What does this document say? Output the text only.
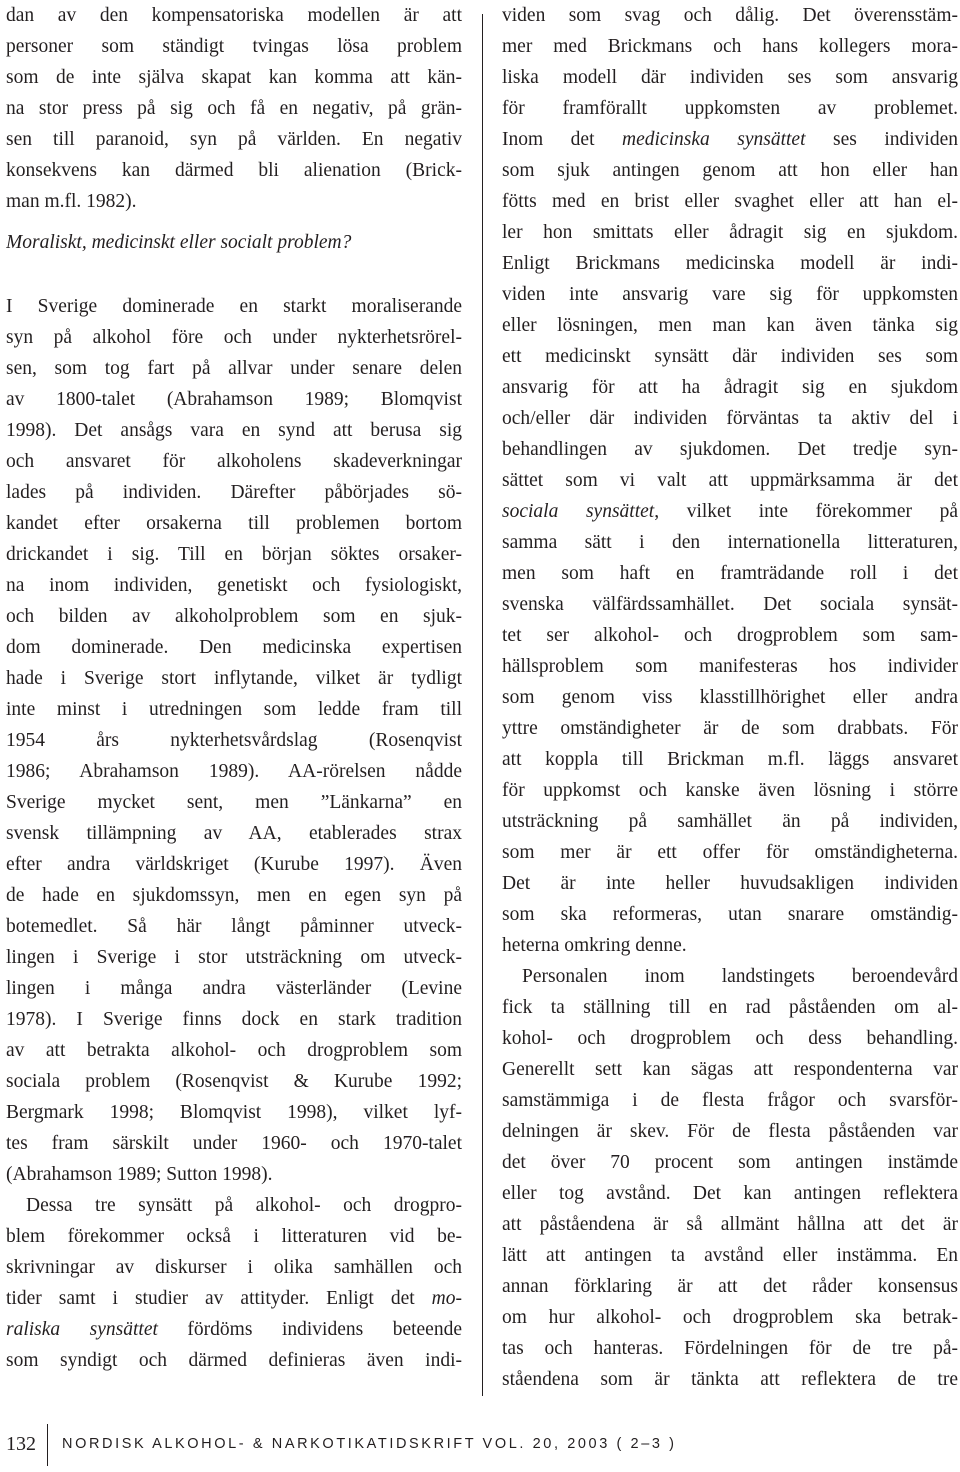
dan av den kompensatoriska modellen är att
personer som ständigt tvingas lösa problem
som de inte själva skapat kan komma att kän-
na stor press på sig och få en negativ, på grän-
sen till paranoid, syn på världen. En negativ
konsekvens kan därmed bli alienation (Brick-
man m.fl. 1982).
Moraliskt, medicinskt eller socialt problem?
I Sverige dominerade en starkt moraliserande
syn på alkohol före och under nykterhetsrörel-
sen, som tog fart på allvar under senare delen
av 1800-talet (Abrahamson 1989; Blomqvist
1998). Det ansågs vara en synd att berusa sig
och ansvaret för alkoholens skadeverkningar
lades på individen. Därefter påbörjades sö-
kandet efter orsakerna till problemen bortom
drickandet i sig. Till en början söktes orsaker-
na inom individen, genetiskt och fysiologiskt,
och bilden av alkoholproblem som en sjuk-
dom dominerade. Den medicinska expertisen
hade i Sverige stort inflytande, vilket är tydligt
inte minst i utredningen som ledde fram till
1954 års nykterhetsvårdslag (Rosenqvist
1986; Abrahamson 1989). AA-rörelsen nådde
Sverige mycket sent, men ”Länkarna” en
svensk tillämpning av AA, etablerades strax
efter andra världskriget (Kurube 1997). Även
de hade en sjukdomssyn, men en egen syn på
botemedlet. Så här långt påminner utveck-
lingen i Sverige i stor utsträckning om utveck-
lingen i många andra västerländer (Levine
1978). I Sverige finns dock en stark tradition
av att betrakta alkohol- och drogproblem som
sociala problem (Rosenqvist & Kurube 1992;
Bergmark 1998; Blomqvist 1998), vilket lyf-
tes fram särskilt under 1960- och 1970-talet
(Abrahamson 1989; Sutton 1998).
Dessa tre synsätt på alkohol- och drogpro-
blem förekommer också i litteraturen vid be-
skrivningar av diskurser i olika samhällen och
tider samt i studier av attityder. Enligt det mo-
raliska synsättet fördöms individens beteende
som syndigt och därmed definieras även indi-
viden som svag och dålig. Det överensstäm-
mer med Brickmans och hans kollegers mora-
liska modell där individen ses som ansvarig
för framförallt uppkomsten av problemet.
Inom det medicinska synsättet ses individen
som sjuk antingen genom att hon eller han
fötts med en brist eller svaghet eller att han el-
ler hon smittats eller ådragit sig en sjukdom.
Enligt Brickmans medicinska modell är indi-
viden inte ansvarig vare sig för uppkomsten
eller lösningen, men man kan även tänka sig
ett medicinskt synsätt där individen ses som
ansvarig för att ha ådragit sig en sjukdom
och/eller där individen förväntas ta aktiv del i
behandlingen av sjukdomen. Det tredje syn-
sättet som vi valt att uppmärksamma är det
sociala synsättet, vilket inte förekommer på
samma sätt i den internationella litteraturen,
men som haft en framträdande roll i det
svenska välfärdssamhället. Det sociala synsät-
tet ser alkohol- och drogproblem som sam-
hällsproblem som manifesteras hos individer
som genom viss klasstillhörighet eller andra
yttre omständigheter är de som drabbats. För
att koppla till Brickman m.fl. läggs ansvaret
för uppkomst och kanske även lösning i större
utsträckning på samhället än på individen,
som mer är ett offer för omständigheterna.
Det är inte heller huvudsakligen individen
som ska reformeras, utan snarare omständig-
heterna omkring denne.
Personalen inom landstingets beroendevård
fick ta ställning till en rad påståenden om al-
kohol- och drogproblem och dess behandling.
Generellt sett kan sägas att respondenterna var
samstämmiga i de flesta frågor och svarsför-
delningen är skev. För de flesta påståenden var
det över 70 procent som antingen instämde
eller tog avstånd. Det kan antingen reflektera
att påståendena är så allmänt hållna att det är
lätt att antingen ta avstånd eller instämma. En
annan förklaring är att det råder konsensus
om hur alkohol- och drogproblem ska betrak-
tas och hanteras. Fördelningen för de tre på-
ståendena som är tänkta att reflektera de tre
132 NORDISK ALKOHOL- & NARKOTIKATIDSKRIFT VOL. 20, 2003 ( 2–3 )
